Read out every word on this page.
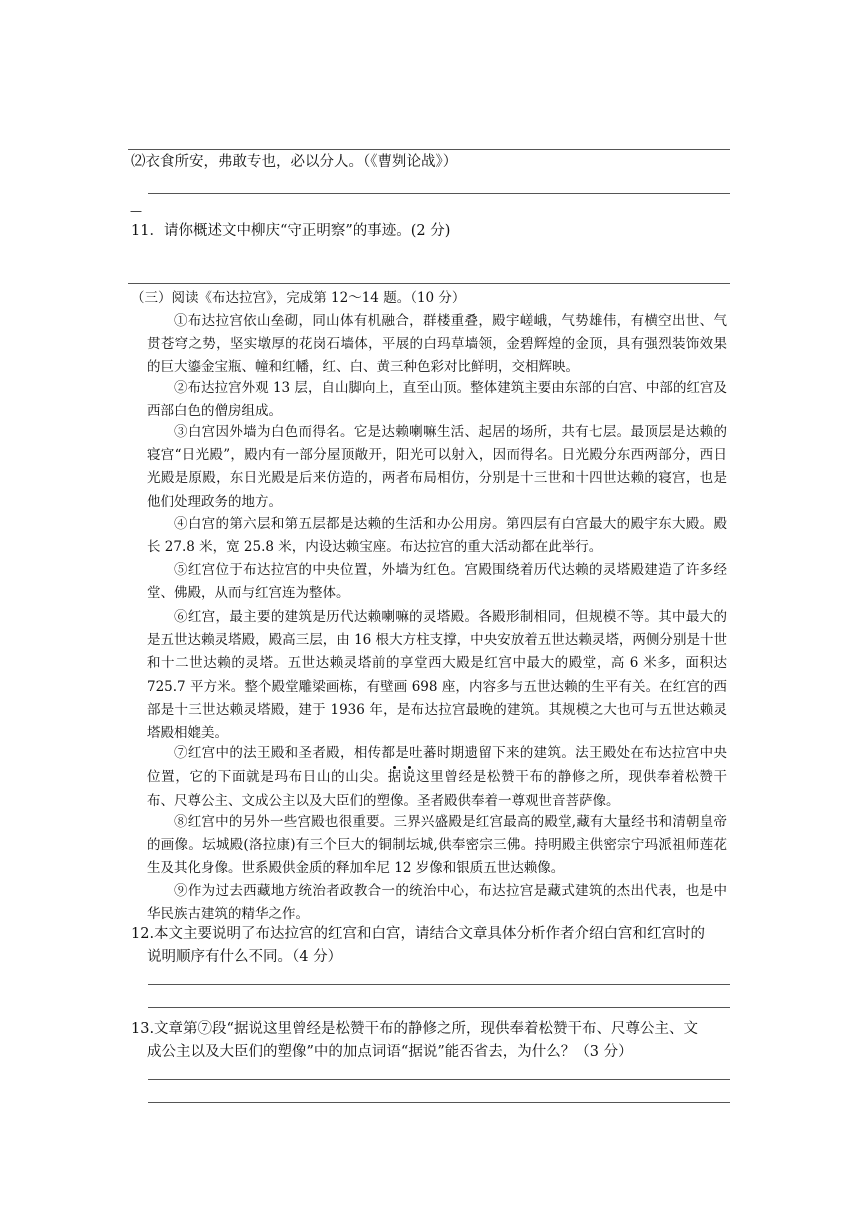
⑵衣食所安，弗敢专也，必以分人。（《曹刿论战》）
—
11．请你概述文中柳庆“守正明察”的事迹。(2 分)
（三）阅读《布达拉宫》，完成第 12～14 题。（10 分）

①布达拉宫依山垒砌，同山体有机融合，群楼重叠，殿宇嵯峨，气势雄伟，有横空出世、气贯苍穹之势，坚实墩厚的花岗石墙体，平展的白玛草墙领，金碧辉煌的金顶，具有强烈装饰效果的巨大鎏金宝瓶、幢和红幡，红、白、黄三种色彩对比鲜明，交相辉映。

②布达拉宫外观 13 层，自山脚向上，直至山顶。整体建筑主要由东部的白宫、中部的红宫及西部白色的僧房组成。

③白宫因外墙为白色而得名。它是达赖喇嘛生活、起居的场所，共有七层。最顶层是达赖的寝宫“日光殿”，殿内有一部分屋顶敞开，阳光可以射入，因而得名。日光殿分东西两部分，西日光殿是原殿，东日光殿是后来仿造的，两者布局相仿，分别是十三世和十四世达赖的寝宫，也是他们处理政务的地方。

④白宫的第六层和第五层都是达赖的生活和办公用房。第四层有白宫最大的殿宇东大殿。殿长 27.8 米，宽 25.8 米，内设达赖宝座。布达拉宫的重大活动都在此举行。

⑤红宫位于布达拉宫的中央位置，外墙为红色。宫殿围绕着历代达赖的灵塔殿建造了许多经堂、佛殿，从而与红宫连为整体。

⑥红宫，最主要的建筑是历代达赖喇嘛的灵塔殿。各殿形制相同，但规模不等。其中最大的是五世达赖灵塔殿，殿高三层，由 16 根大方柱支撑，中央安放着五世达赖灵塔，两侧分别是十世和十二世达赖的灵塔。五世达赖灵塔前的享堂西大殿是红宫中最大的殿堂，高 6 米多，面积达 725.7 平方米。整个殿堂雕梁画栋，有壁画 698 座，内容多与五世达赖的生平有关。在红宫的西部是十三世达赖灵塔殿，建于 1936 年，是布达拉宫最晚的建筑。其规模之大也可与五世达赖灵塔殿相媲美。

⑦红宫中的法王殿和圣者殿，相传都是吐蕃时期遗留下来的建筑。法王殿处在布达拉宫中央位置，它的下面就是玛布日山的山尖。据说这里曾经是松赞干布的静修之所，现供奉着松赞干布、尺尊公主、文成公主以及大臣们的塑像。圣者殿供奉着一尊观世音菩萨像。

⑧红宫中的另外一些宫殿也很重要。三界兴盛殿是红宫最高的殿堂,藏有大量经书和清朝皇帝的画像。坛城殿(洛拉康)有三个巨大的铜制坛城,供奉密宗三佛。持明殿主供密宗宁玛派祖师莲花生及其化身像。世系殿供金质的释加牟尼 12 岁像和银质五世达赖像。

⑨作为过去西藏地方统治者政教合一的统治中心，布达拉宫是藏式建筑的杰出代表，也是中华民族古建筑的精华之作。

12.本文主要说明了布达拉宫的红宫和白宫，请结合文章具体分析作者介绍白宫和红宫时的
说明顺序有什么不同。（4 分）
13.文章第⑦段“据说这里曾经是松赞干布的静修之所，现供奉着松赞干布、尺尊公主、文
成公主以及大臣们的塑像”中的加点词语“据说”能否省去，为什么？（3 分）
